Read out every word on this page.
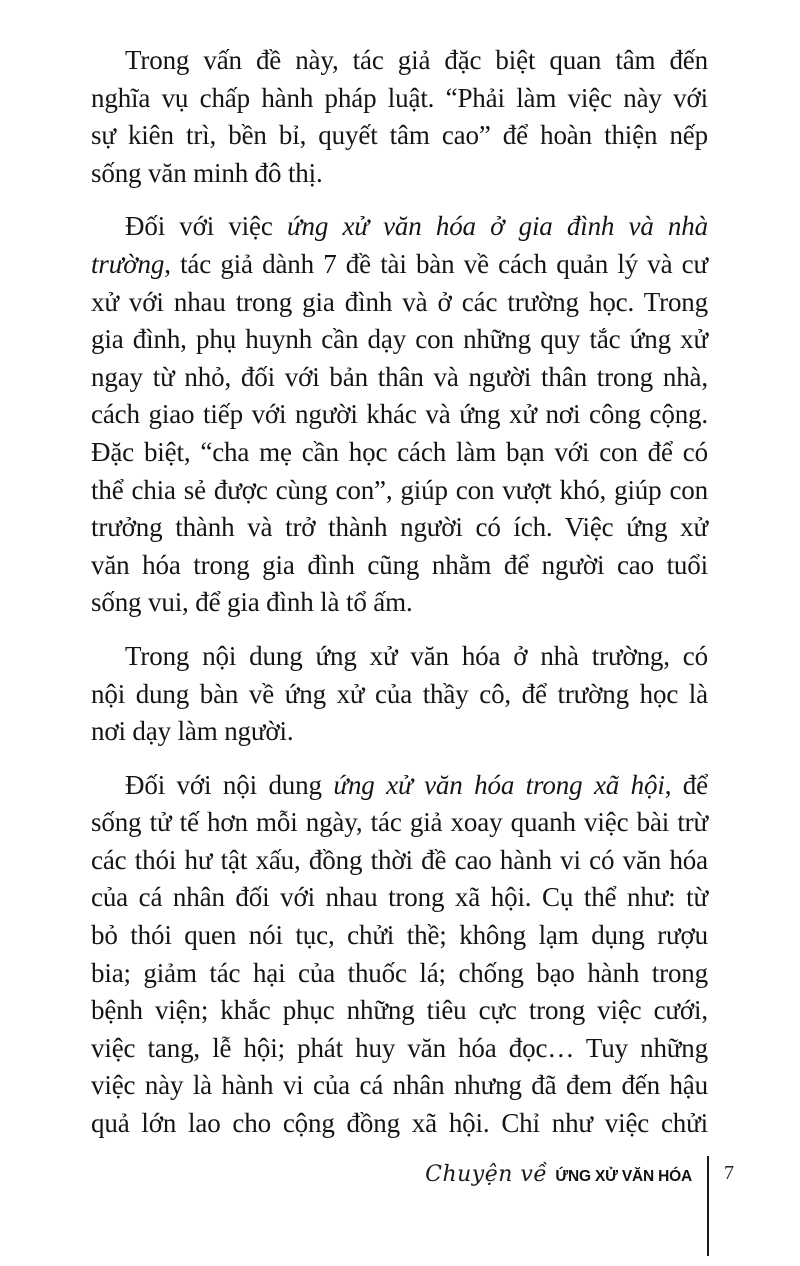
Trong vấn đề này, tác giả đặc biệt quan tâm đến
nghĩa vụ chấp hành pháp luật. “Phải làm việc này với
sự kiên trì, bền bỉ, quyết tâm cao” để hoàn thiện nếp
sống văn minh đô thị.
Đối với việc ứng xử văn hóa ở gia đình và nhà
trường, tác giả dành 7 đề tài bàn về cách quản lý và cư
xử với nhau trong gia đình và ở các trường học. Trong
gia đình, phụ huynh cần dạy con những quy tắc ứng xử
ngay từ nhỏ, đối với bản thân và người thân trong nhà,
cách giao tiếp với người khác và ứng xử nơi công cộng.
Đặc biệt, “cha mẹ cần học cách làm bạn với con để có
thể chia sẻ được cùng con”, giúp con vượt khó, giúp con
trưởng thành và trở thành người có ích. Việc ứng xử
văn hóa trong gia đình cũng nhằm để người cao tuổi
sống vui, để gia đình là tổ ấm.
Trong nội dung ứng xử văn hóa ở nhà trường, có
nội dung bàn về ứng xử của thầy cô, để trường học là
nơi dạy làm người.
Đối với nội dung ứng xử văn hóa trong xã hội, để
sống tử tế hơn mỗi ngày, tác giả xoay quanh việc bài trừ
các thói hư tật xấu, đồng thời đề cao hành vi có văn hóa
của cá nhân đối với nhau trong xã hội. Cụ thể như: từ
bỏ thói quen nói tục, chửi thề; không lạm dụng rượu
bia; giảm tác hại của thuốc lá; chống bạo hành trong
bệnh viện; khắc phục những tiêu cực trong việc cưới,
việc tang, lễ hội; phát huy văn hóa đọc… Tuy những
việc này là hành vi của cá nhân nhưng đã đem đến hậu
quả lớn lao cho cộng đồng xã hội. Chỉ như việc chửi
Chuyện về ỨNG XỬ VĂN HÓA 7
